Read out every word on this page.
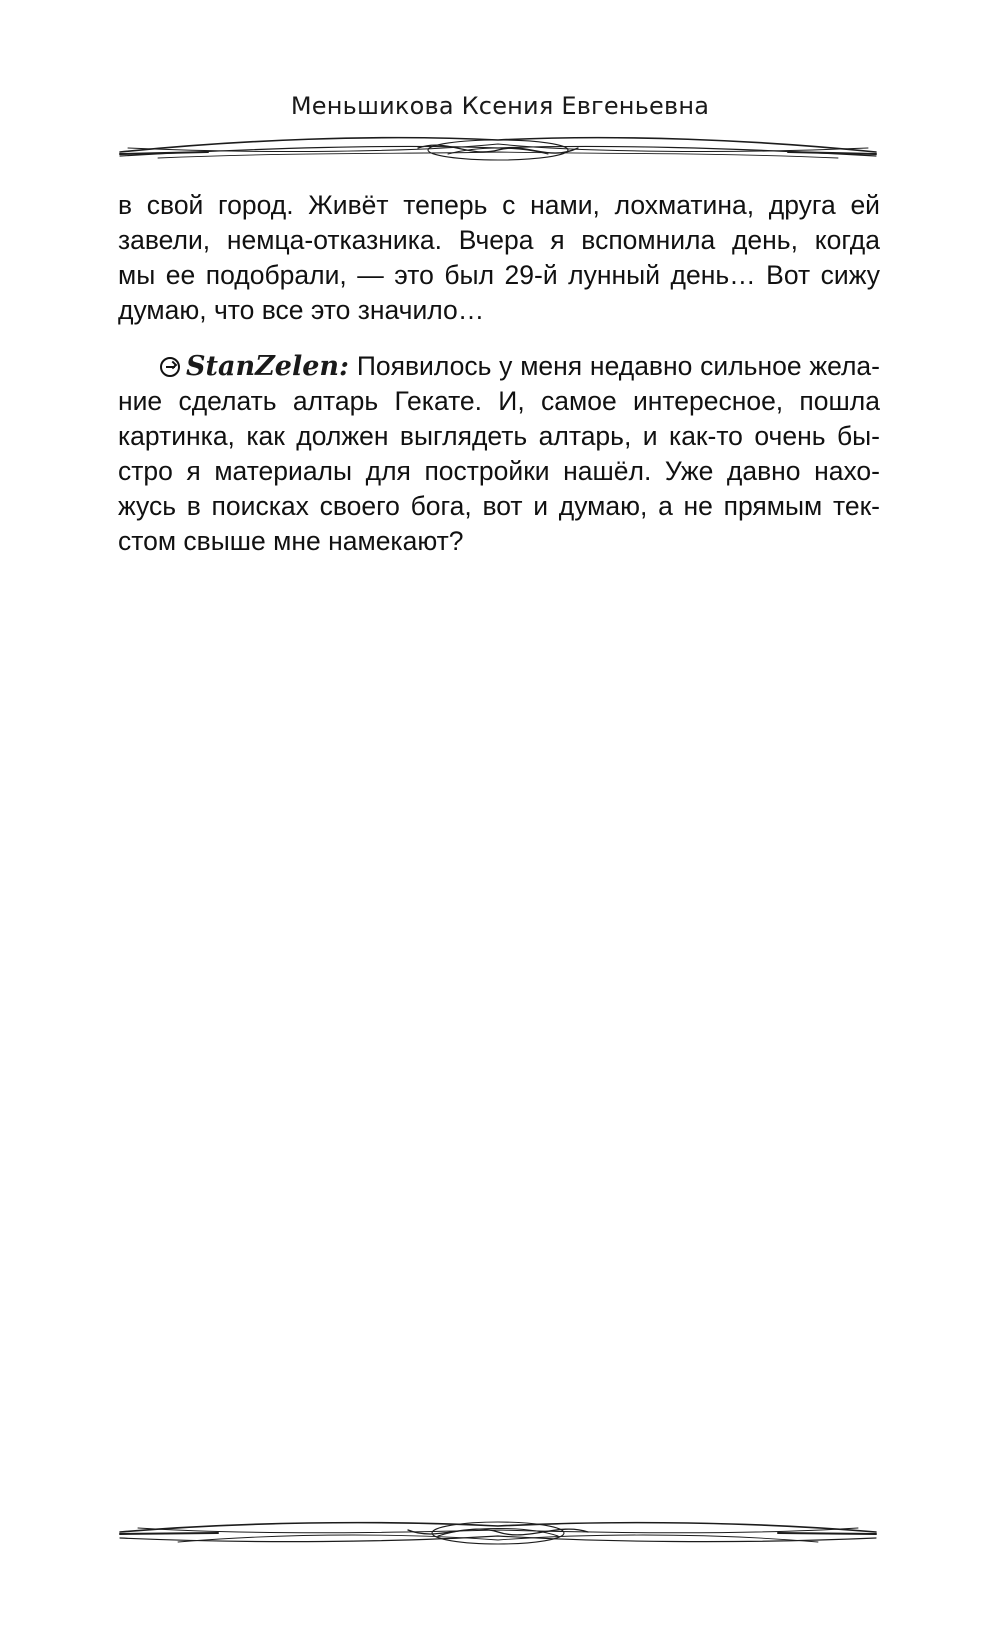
Меньшикова Ксения Евгеньевна
в свой город. Живёт теперь с нами, лохматина, друга ей
завели, немца-отказника. Вчера я вспомнила день, когда
мы ее подобрали, — это был 29-й лунный день… Вот сижу
думаю, что все это значило…
StanZelen: Появилось у меня недавно сильное жела-
ние сделать алтарь Гекате. И, самое интересное, пошла
картинка, как должен выглядеть алтарь, и как-то очень бы-
стро я материалы для постройки нашёл. Уже давно нахо-
жусь в поисках своего бога, вот и думаю, а не прямым тек-
стом свыше мне намекают?
